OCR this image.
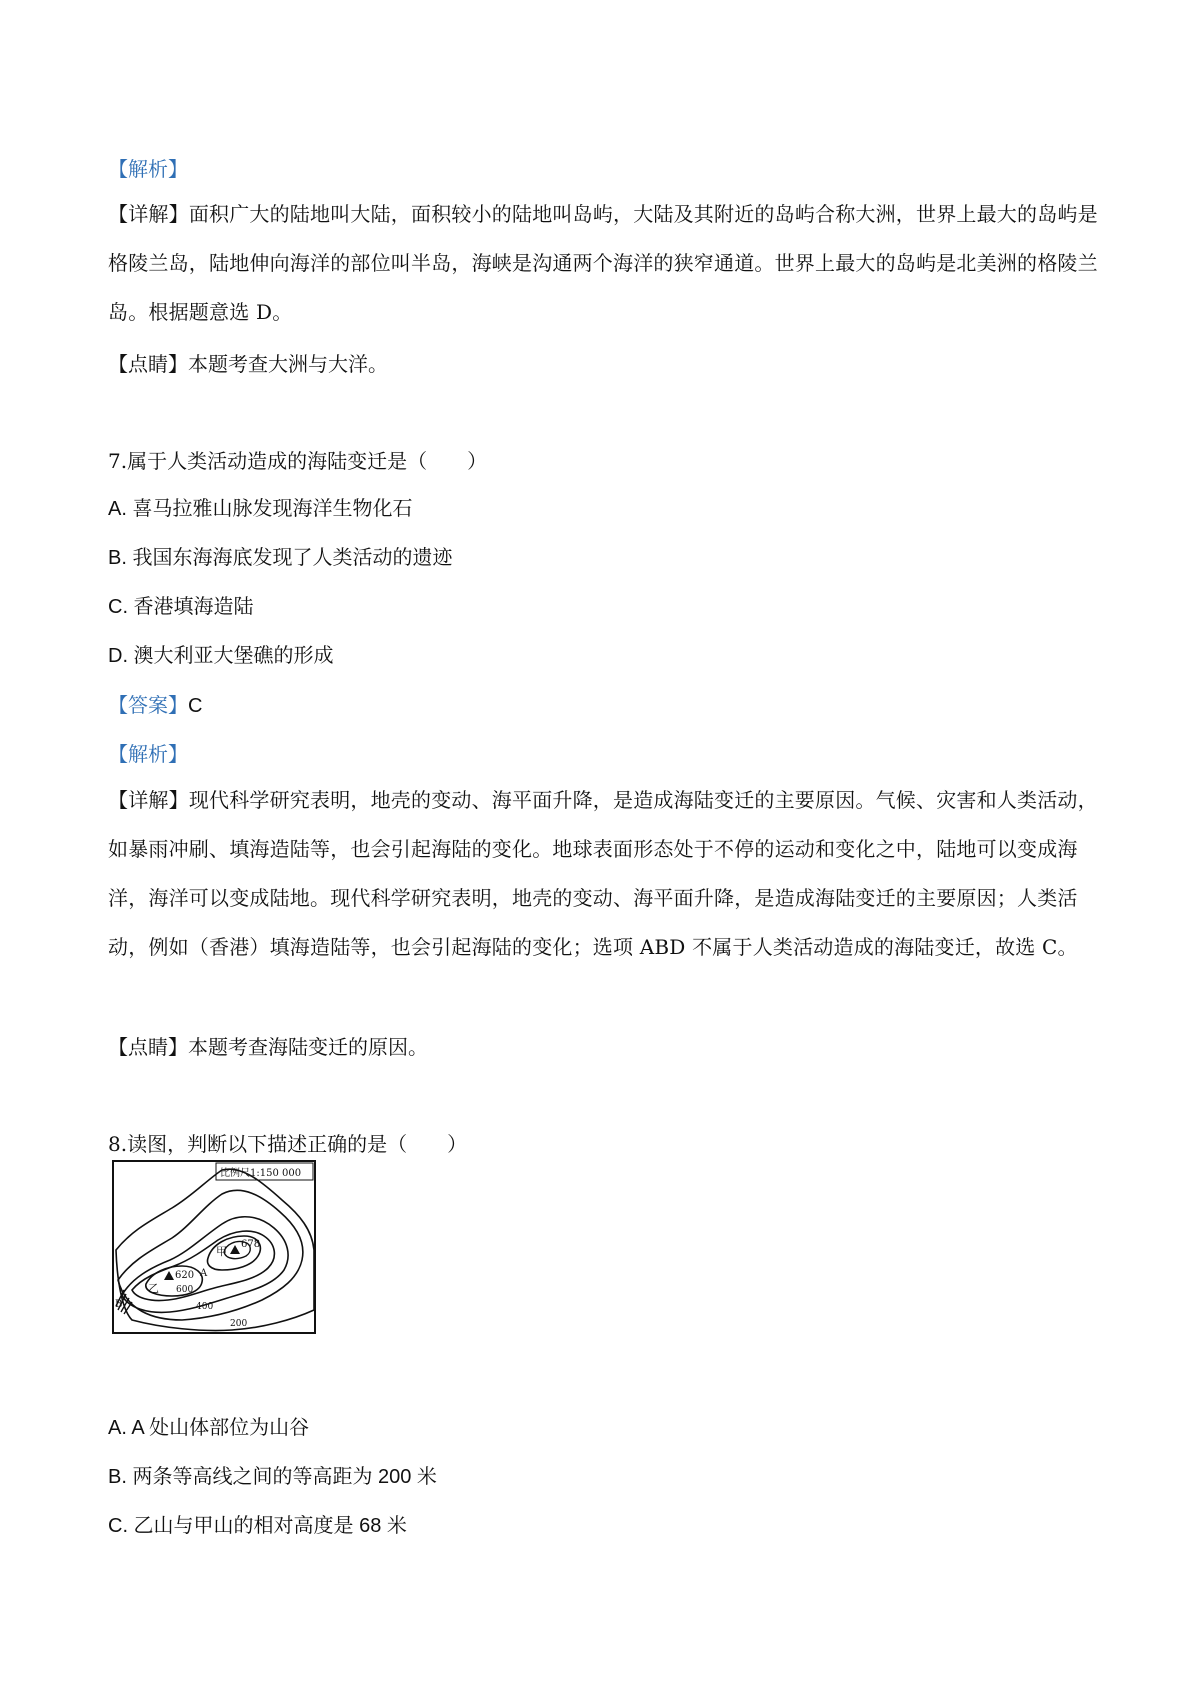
【解析】
【详解】面积广大的陆地叫大陆，面积较小的陆地叫岛屿，大陆及其附近的岛屿合称大洲，世界上最大的岛屿是格陵兰岛，陆地伸向海洋的部位叫半岛，海峡是沟通两个海洋的狭窄通道。世界上最大的岛屿是北美洲的格陵兰岛。根据题意选 D。
【点睛】本题考查大洲与大洋。
7.属于人类活动造成的海陆变迁是（　　）
A. 喜马拉雅山脉发现海洋生物化石
B. 我国东海海底发现了人类活动的遗迹
C. 香港填海造陆
D. 澳大利亚大堡礁的形成
【答案】C
【解析】
【详解】现代科学研究表明，地壳的变动、海平面升降，是造成海陆变迁的主要原因。气候、灾害和人类活动，如暴雨冲刷、填海造陆等，也会引起海陆的变化。地球表面形态处于不停的运动和变化之中，陆地可以变成海洋，海洋可以变成陆地。现代科学研究表明，地壳的变动、海平面升降，是造成海陆变迁的主要原因；人类活动，例如（香港）填海造陆等，也会引起海陆的变化；选项 ABD 不属于人类活动造成的海陆变迁，故选 C。
【点睛】本题考查海陆变迁的原因。
8.读图，判断以下描述正确的是（　　）
比例尺1:150 000
620
678
甲
乙
A
B
600
400
200
A. A 处山体部位为山谷
B. 两条等高线之间的等高距为 200 米
C. 乙山与甲山的相对高度是 68 米
